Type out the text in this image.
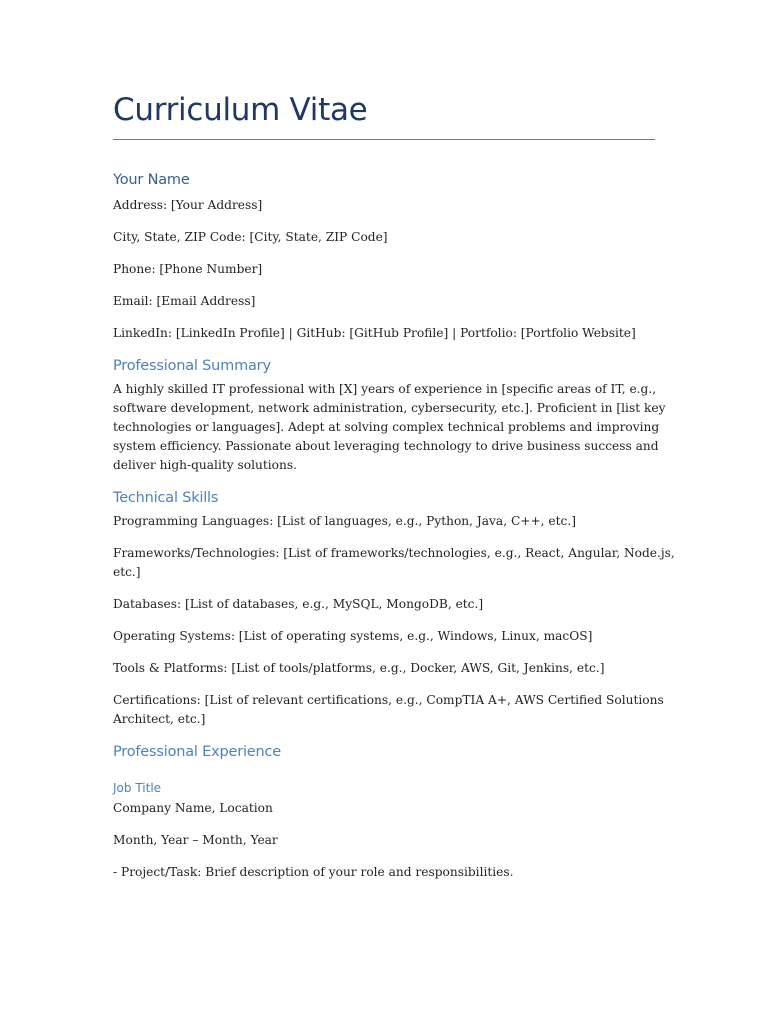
Curriculum Vitae
Your Name
Address: [Your Address]
City, State, ZIP Code: [City, State, ZIP Code]
Phone: [Phone Number]
Email: [Email Address]
LinkedIn: [LinkedIn Profile] | GitHub: [GitHub Profile] | Portfolio: [Portfolio Website]
Professional Summary
A highly skilled IT professional with [X] years of experience in [specific areas of IT, e.g.,
software development, network administration, cybersecurity, etc.]. Proficient in [list key
technologies or languages]. Adept at solving complex technical problems and improving
system efficiency. Passionate about leveraging technology to drive business success and
deliver high-quality solutions.
Technical Skills
Programming Languages: [List of languages, e.g., Python, Java, C++, etc.]
Frameworks/Technologies: [List of frameworks/technologies, e.g., React, Angular, Node.js,
etc.]
Databases: [List of databases, e.g., MySQL, MongoDB, etc.]
Operating Systems: [List of operating systems, e.g., Windows, Linux, macOS]
Tools & Platforms: [List of tools/platforms, e.g., Docker, AWS, Git, Jenkins, etc.]
Certifications: [List of relevant certifications, e.g., CompTIA A+, AWS Certified Solutions
Architect, etc.]
Professional Experience
Job Title
Company Name, Location
Month, Year – Month, Year
- Project/Task: Brief description of your role and responsibilities.
